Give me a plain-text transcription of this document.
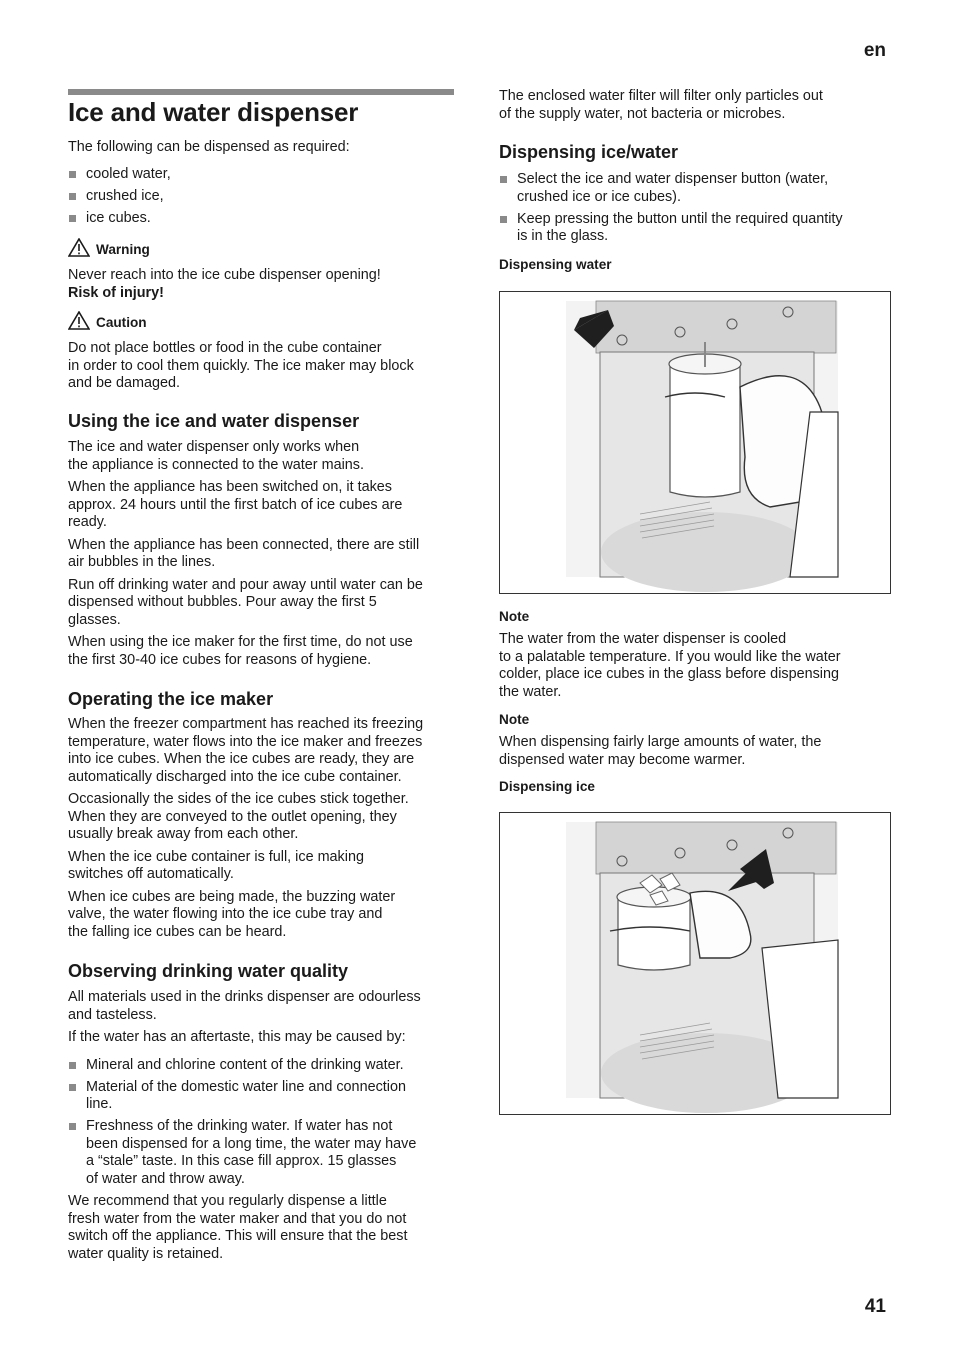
en
41
Ice and water dispenser
The following can be dispensed as required:
cooled water,
crushed ice,
ice cubes.
Warning
Never reach into the ice cube dispenser opening!
Risk of injury!
Caution
Do not place bottles or food in the cube container
in order to cool them quickly. The ice maker may block
and be damaged.
Using the ice and water dispenser
The ice and water dispenser only works when
the appliance is connected to the water mains.
When the appliance has been switched on, it takes
approx. 24 hours until the first batch of ice cubes are
ready.
When the appliance has been connected, there are still
air bubbles in the lines.
Run off drinking water and pour away until water can be
dispensed without bubbles. Pour away the first 5
glasses.
When using the ice maker for the first time, do not use
the first 30-40 ice cubes for reasons of hygiene.
Operating the ice maker
When the freezer compartment has reached its freezing
temperature, water flows into the ice maker and freezes
into ice cubes. When the ice cubes are ready, they are
automatically discharged into the ice cube container.
Occasionally the sides of the ice cubes stick together.
When they are conveyed to the outlet opening, they
usually break away from each other.
When the ice cube container is full, ice making
switches off automatically.
When ice cubes are being made, the buzzing water
valve, the water flowing into the ice cube tray and
the falling ice cubes can be heard.
Observing drinking water quality
All materials used in the drinks dispenser are odourless
and tasteless.
If the water has an aftertaste, this may be caused by:
Mineral and chlorine content of the drinking water.
Material of the domestic water line and connection
line.
Freshness of the drinking water. If water has not
been dispensed for a long time, the water may have
a “stale” taste. In this case fill approx. 15 glasses
of water and throw away.
We recommend that you regularly dispense a little
fresh water from the water maker and that you do not
switch off the appliance. This will ensure that the best
water quality is retained.
The enclosed water filter will filter only particles out
of the supply water, not bacteria or microbes.
Dispensing ice/water
Select the ice and water dispenser button (water,
crushed ice or ice cubes).
Keep pressing the button until the required quantity
is in the glass.
Dispensing water
Note
The water from the water dispenser is cooled
to a palatable temperature. If you would like the water
colder, place ice cubes in the glass before dispensing
the water.
Note
When dispensing fairly large amounts of water, the
dispensed water may become warmer.
Dispensing ice
